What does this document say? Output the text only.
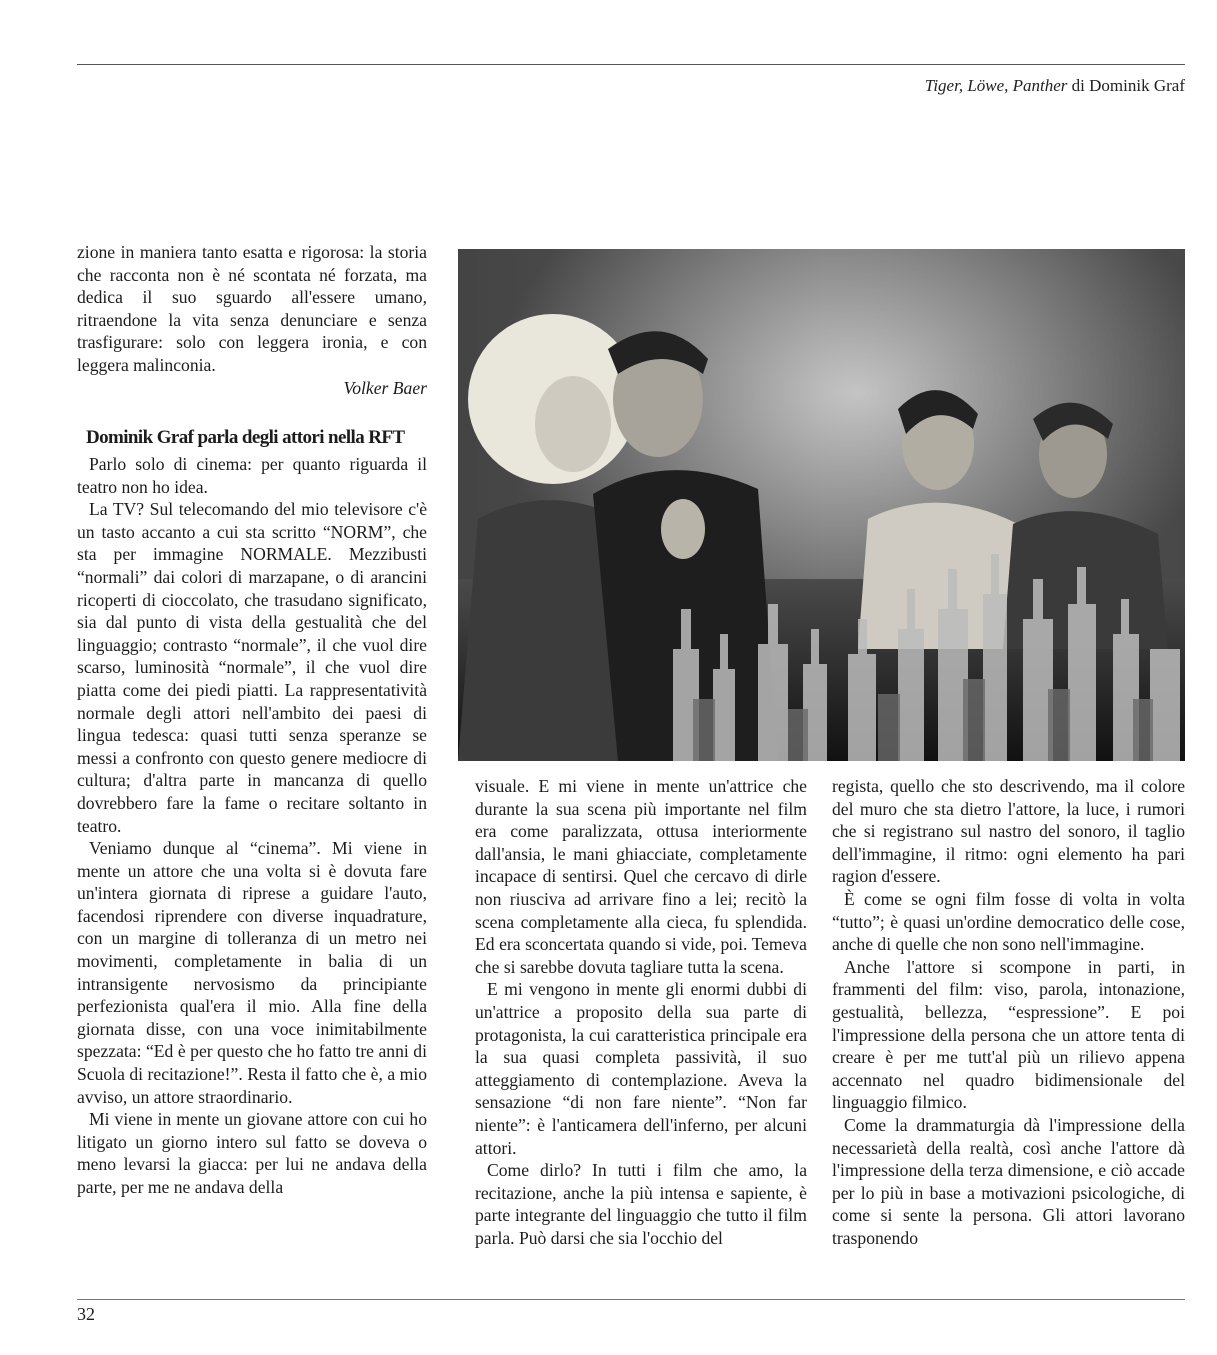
Tiger, Löwe, Panther di Dominik Graf

zione in maniera tanto esatta e rigorosa: la storia che racconta non è né scontata né forzata, ma dedica il suo sguardo all'essere umano, ritraendone la vita senza denunciare e senza trasfigurare: solo con leggera ironia, e con leggera malinconia.

Volker Baer

Dominik Graf parla degli attori nella RFT

Parlo solo di cinema: per quanto riguarda il teatro non ho idea.

La TV? Sul telecomando del mio televisore c'è un tasto accanto a cui sta scritto “NORM”, che sta per immagine NORMALE. Mezzibusti “normali” dai colori di marzapane, o di arancini ricoperti di cioccolato, che trasudano significato, sia dal punto di vista della gestualità che del linguaggio; contrasto “normale”, il che vuol dire scarso, luminosità “normale”, il che vuol dire piatta come dei piedi piatti. La rappresentatività normale degli attori nell'ambito dei paesi di lingua tedesca: quasi tutti senza speranze se messi a confronto con questo genere mediocre di cultura; d'altra parte in mancanza di quello dovrebbero fare la fame o recitare soltanto in teatro.

Veniamo dunque al “cinema”. Mi viene in mente un attore che una volta si è dovuta fare un'intera giornata di riprese a guidare l'auto, facendosi riprendere con diverse inquadrature, con un margine di tolleranza di un metro nei movimenti, completamente in balia di un intransigente nervosismo da principiante perfezionista qual'era il mio. Alla fine della giornata disse, con una voce inimitabilmente spezzata: “Ed è per questo che ho fatto tre anni di Scuola di recitazione!”. Resta il fatto che è, a mio avviso, un attore straordinario.

Mi viene in mente un giovane attore con cui ho litigato un giorno intero sul fatto se doveva o meno levarsi la giacca: per lui ne andava della parte, per me ne andava della

visuale. E mi viene in mente un'attrice che durante la sua scena più importante nel film era come paralizzata, ottusa interiormente dall'ansia, le mani ghiacciate, completamente incapace di sentirsi. Quel che cercavo di dirle non riusciva ad arrivare fino a lei; recitò la scena completamente alla cieca, fu splendida. Ed era sconcertata quando si vide, poi. Temeva che si sarebbe dovuta tagliare tutta la scena.

E mi vengono in mente gli enormi dubbi di un'attrice a proposito della sua parte di protagonista, la cui caratteristica principale era la sua quasi completa passività, il suo atteggiamento di contemplazione. Aveva la sensazione “di non fare niente”. “Non far niente”: è l'anticamera dell'inferno, per alcuni attori.

Come dirlo? In tutti i film che amo, la recitazione, anche la più intensa e sapiente, è parte integrante del linguaggio che tutto il film parla. Può darsi che sia l'occhio del

regista, quello che sto descrivendo, ma il colore del muro che sta dietro l'attore, la luce, i rumori che si registrano sul nastro del sonoro, il taglio dell'immagine, il ritmo: ogni elemento ha pari ragion d'essere.

È come se ogni film fosse di volta in volta “tutto”; è quasi un'ordine democratico delle cose, anche di quelle che non sono nell'immagine.

Anche l'attore si scompone in parti, in frammenti del film: viso, parola, intonazione, gestualità, bellezza, “espressione”. E poi l'impressione della persona che un attore tenta di creare è per me tutt'al più un rilievo appena accennato nel quadro bidimensionale del linguaggio filmico.

Come la drammaturgia dà l'impressione della necessarietà della realtà, così anche l'attore dà l'impressione della terza dimensione, e ciò accade per lo più in base a motivazioni psicologiche, di come si sente la persona. Gli attori lavorano trasponendo

32
